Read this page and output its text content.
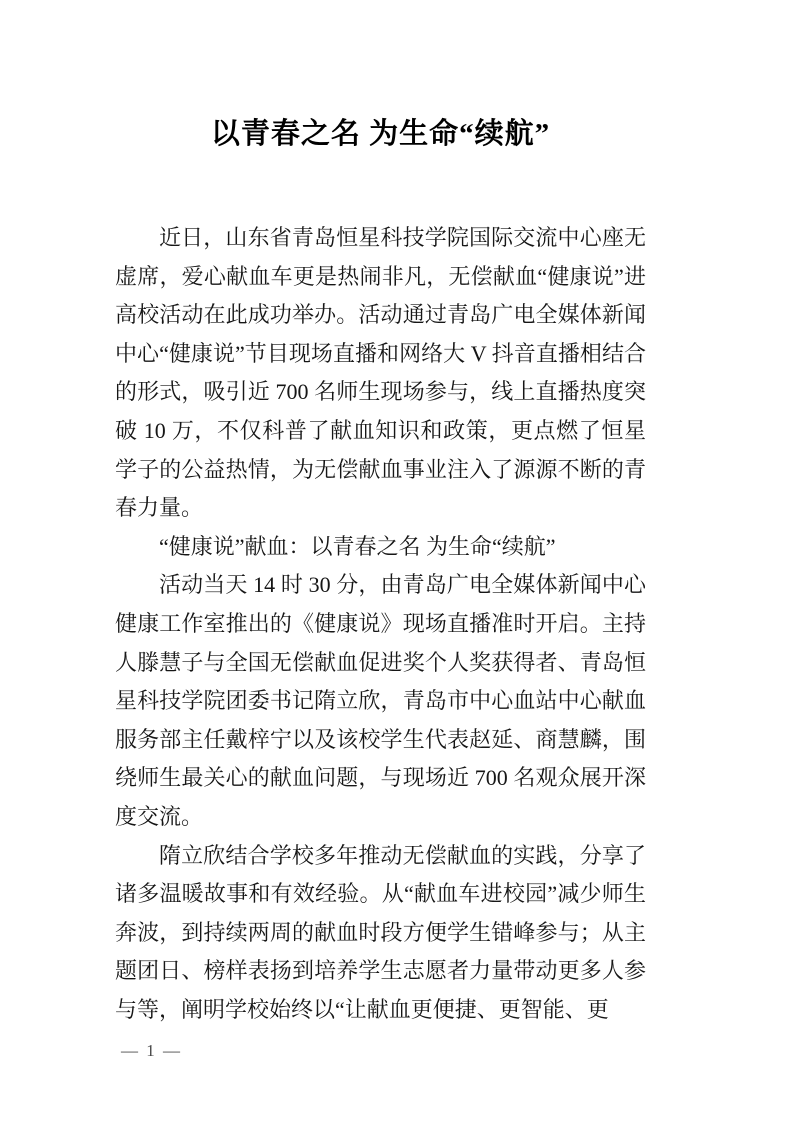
以青春之名 为生命“续航”

近日，山东省青岛恒星科技学院国际交流中心座无虚席，爱心献血车更是热闹非凡，无偿献血“健康说”进高校活动在此成功举办。活动通过青岛广电全媒体新闻中心“健康说”节目现场直播和网络大 V 抖音直播相结合的形式，吸引近 700 名师生现场参与，线上直播热度突破 10 万，不仅科普了献血知识和政策，更点燃了恒星学子的公益热情，为无偿献血事业注入了源源不断的青春力量。

“健康说”献血：以青春之名 为生命“续航”

活动当天 14 时 30 分，由青岛广电全媒体新闻中心健康工作室推出的《健康说》现场直播准时开启。主持人滕慧子与全国无偿献血促进奖个人奖获得者、青岛恒星科技学院团委书记隋立欣，青岛市中心血站中心献血服务部主任戴梓宁以及该校学生代表赵延、商慧麟，围绕师生最关心的献血问题，与现场近 700 名观众展开深度交流。

隋立欣结合学校多年推动无偿献血的实践，分享了诸多温暖故事和有效经验。从“献血车进校园”减少师生奔波，到持续两周的献血时段方便学生错峰参与；从主题团日、榜样表扬到培养学生志愿者力量带动更多人参与等，阐明学校始终以“让献血更便捷、更智能、更

— 1 —
